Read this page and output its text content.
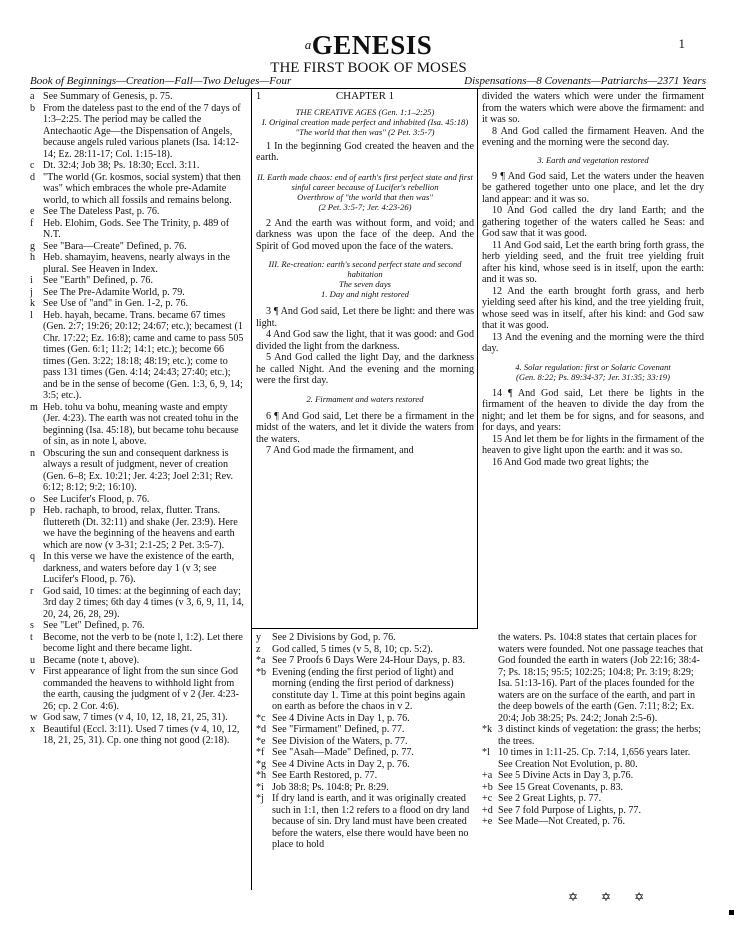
$^a$GENESIS	1
THE FIRST BOOK OF MOSES
Book of Beginnings—Creation—Fall—Two Deluges—Four	Dispensations—8 Covenants—Patriarchs—2371 Years

a See Summary of Genesis, p. 75.

b From the dateless past to the end of the 7 days of 1:3–2:25. The period may be called the Antechaotic Age—the Dispensation of Angels, because angels ruled various planets (Isa. 14:12-14; Ez. 28:11-17; Col. 1:15-18).

c Dt. 32:4; Job 38; Ps. 18:30; Eccl. 3:11.

d "The world (Gr. kosmos, social system) that then was" which embraces the whole pre-Adamite world, to which all fossils and remains belong.

e See The Dateless Past, p. 76.

f Heb. Elohim, Gods. See The Trinity, p. 489 of N.T.

g See "Bara—Create" Defined, p. 76.

h Heb. shamayim, heavens, nearly always in the plural. See Heaven in Index.

i See "Earth" Defined, p. 76.

j See The Pre-Adamite World, p. 79.

k See Use of "and" in Gen. 1-2, p. 76.

l Heb. hayah, became. Trans. became 67 times (Gen. 2:7; 19:26; 20:12; 24:67; etc.); becamest (1 Chr. 17:22; Ez. 16:8); came and came to pass 505 times (Gen. 6:1; 11:2; 14:1; etc.); become 66 times (Gen. 3:22; 18:18; 48:19; etc.); come to pass 131 times (Gen. 4:14; 24:43; 27:40; etc.); and be in the sense of become (Gen. 1:3, 6, 9, 14; 3:5; etc.).

m Heb. tohu va bohu, meaning waste and empty (Jer. 4:23). The earth was not created tohu in the beginning (Isa. 45:18), but became tohu because of sin, as in note l, above.

n Obscuring the sun and consequent darkness is always a result of judgment, never of creation (Gen. 6–8; Ex. 10:21; Jer. 4:23; Joel 2:31; Rev. 6:12; 8:12; 9:2; 16:10).

o See Lucifer's Flood, p. 76.

p Heb. rachaph, to brood, relax, flutter. Trans. fluttereth (Dt. 32:11) and shake (Jer. 23:9). Here we have the beginning of the heavens and earth which are now (v 3-31; 2:1-25; 2 Pet. 3:5-7).

q In this verse we have the existence of the earth, darkness, and waters before day 1 (v 3; see Lucifer's Flood, p. 76).

r God said, 10 times: at the beginning of each day; 3rd day 2 times; 6th day 4 times (v 3, 6, 9, 11, 14, 20, 24, 26, 28, 29).

s See "Let" Defined, p. 76.

t Become, not the verb to be (note l, 1:2). Let there become light and there became light.

u Became (note t, above).

v First appearance of light from the sun since God commanded the heavens to withhold light from the earth, causing the judgment of v 2 (Jer. 4:23-26; cp. 2 Cor. 4:6).

w God saw, 7 times (v 4, 10, 12, 18, 21, 25, 31).

x Beautiful (Eccl. 3:11). Used 7 times (v 4, 10, 12, 18, 21, 25, 31). Cp. one thing not good (2:18).

1	CHAPTER 1

THE CREATIVE AGES (Gen. 1:1–2:25)

I. Original creation made perfect and inhabited (Isa. 45:18)

"The world that then was" (2 Pet. 3:5-7)

1 In the beginning God created the heaven and the earth.

II. Earth made chaos: end of earth's first perfect state and first sinful career because of Lucifer's rebellion

Overthrow of "the world that then was"

(2 Pet. 3:5-7; Jer. 4:23-26)

2 And the earth was without form, and void; and darkness was upon the face of the deep. And the Spirit of God moved upon the face of the waters.

III. Re-creation: earth's second perfect state and second habitation

The seven days

1. Day and night restored

3 ¶ And God said, Let there be light: and there was light.

4 And God saw the light, that it was good: and God divided the light from the darkness.

5 And God called the light Day, and the darkness he called Night. And the evening and the morning were the first day.

2. Firmament and waters restored

6 ¶ And God said, Let there be a firmament in the midst of the waters, and let it divide the waters from the waters.

7 And God made the firmament, and

divided the waters which were under the firmament from the waters which were above the firmament: and it was so.

8 And God called the firmament Heaven. And the evening and the morning were the second day.

3. Earth and vegetation restored

9 ¶ And God said, Let the waters under the heaven be gathered together unto one place, and let the dry land appear: and it was so.

10 And God called the dry land Earth; and the gathering together of the waters called he Seas: and God saw that it was good.

11 And God said, Let the earth bring forth grass, the herb yielding seed, and the fruit tree yielding fruit after his kind, whose seed is in itself, upon the earth: and it was so.

12 And the earth brought forth grass, and herb yielding seed after his kind, and the tree yielding fruit, whose seed was in itself, after his kind: and God saw that it was good.

13 And the evening and the morning were the third day.

4. Solar regulation: first or Solaric Covenant

(Gen. 8:22; Ps. 89:34-37; Jer. 31:35; 33:19)

14 ¶ And God said, Let there be lights in the firmament of the heaven to divide the day from the night; and let them be for signs, and for seasons, and for days, and years:

15 And let them be for lights in the firmament of the heaven to give light upon the earth: and it was so.

16 And God made two great lights; the

y See 2 Divisions by God, p. 76.

z God called, 5 times (v 5, 8, 10; cp. 5:2).

*a See 7 Proofs 6 Days Were 24-Hour Days, p. 83.

*b Evening (ending the first period of light) and morning (ending the first period of darkness) constitute day 1. Time at this point begins again on earth as before the chaos in v 2.

*c See 4 Divine Acts in Day 1, p. 76.

*d See "Firmament" Defined, p. 77.

*e See Division of the Waters, p. 77.

*f See "Asah—Made" Defined, p. 77.

*g See 4 Divine Acts in Day 2, p. 76.

*h See Earth Restored, p. 77.

*i Job 38:8; Ps. 104:8; Pr. 8:29.

*j If dry land is earth, and it was originally created such in 1:1, then 1:2 refers to a flood on dry land because of sin. Dry land must have been created before the waters, else there would have been no place to hold

the waters. Ps. 104:8 states that certain places for waters were founded. Not one passage teaches that God founded the earth in waters (Job 22:16; 38:4-7; Ps. 18:15; 95:5; 102:25; 104:8; Pr. 3:19; 8:29; Isa. 51:13-16). Part of the places founded for the waters are on the surface of the earth, and part in the deep bowels of the earth (Gen. 7:11; 8:2; Ex. 20:4; Job 38:25; Ps. 24:2; Jonah 2:5-6).

*k 3 distinct kinds of vegetation: the grass; the herbs; the trees.

*l 10 times in 1:11-25. Cp. 7:14, 1,656 years later. See Creation Not Evolution, p. 80.

+a See 5 Divine Acts in Day 3, p.76.

+b See 15 Great Covenants, p. 83.

+c See 2 Great Lights, p. 77.

+d See 7 fold Purpose of Lights, p. 77.

+e See Made—Not Created, p. 76.

✡ ✡ ✡
